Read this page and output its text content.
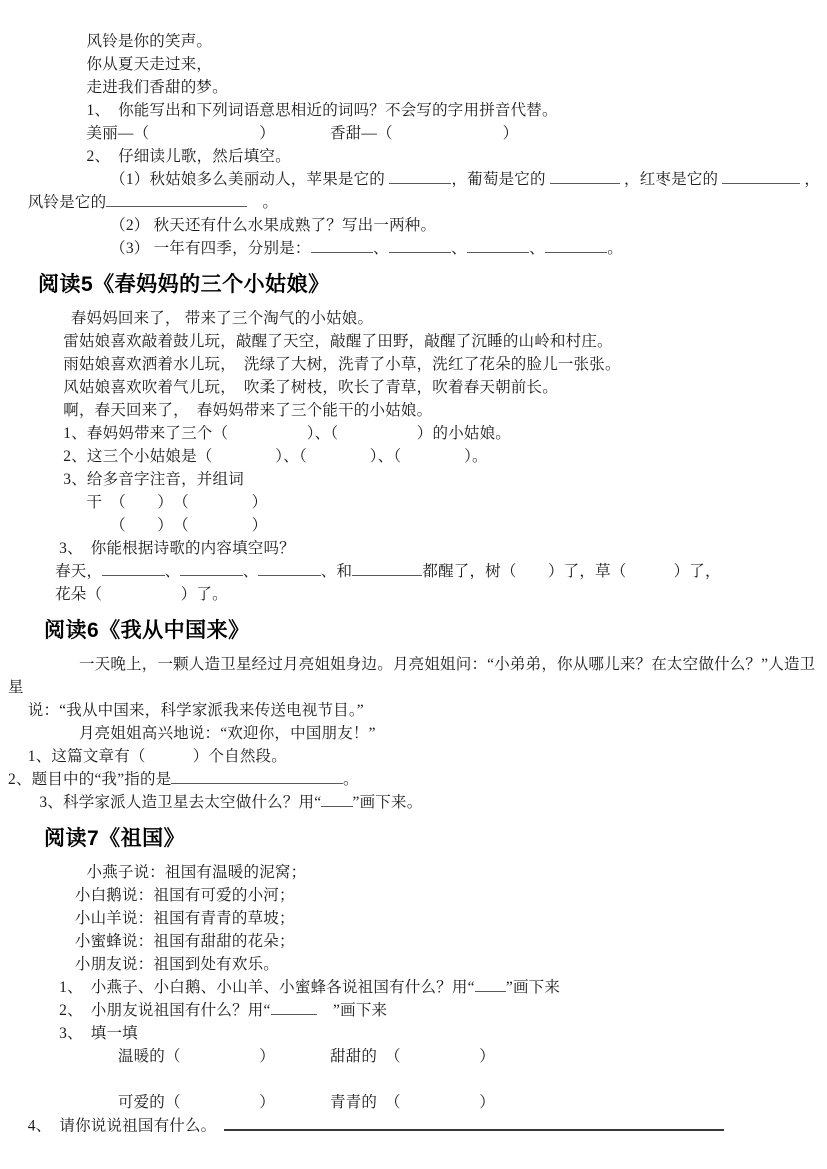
　　　　　风铃是你的笑声。
　　　　　你从夏天走过来，
　　　　　走进我们香甜的梦。
　　　　　1、　你能写出和下列词语意思相近的词吗？不会写的字用拼音代替。
　　　　　美丽—（　　　　　　　）　　　　香甜—（　　　　　　　）
　　　　　2、　仔细读儿歌，然后填空。
　　　　　　　（1）秋姑娘多么美丽动人，苹果是它的	，葡萄是它的	，红枣是它的	，
　 风铃是它的	　。
　　　　　　　（2） 秋天还有什么水果成熟了？写出一两种。
　　　　　　　（3） 一年有四季，分别是：	、	、	、	。
阅读5《春妈妈的三个小姑娘》
　　　　春妈妈回来了， 带来了三个淘气的小姑娘。
　　　  雷姑娘喜欢敲着鼓儿玩，敲醒了天空，敲醒了田野，敲醒了沉睡的山岭和村庄。
　　　  雨姑娘喜欢洒着水儿玩，　洗绿了大树，洗青了小草，洗红了花朵的脸儿一张张。
　　　  风姑娘喜欢吹着气儿玩，　吹柔了树枝，吹长了青草，吹着春天朝前长。
　　　  啊，春天回来了，　春妈妈带来了三个能干的小姑娘。
　　　  1、春妈妈带来了三个（　　　　　）、（　　　　　）的小姑娘。
　　　  2、这三个小姑娘是（　　　　）、（　　　　）、（　　　　）。
　　　  3、给多音字注音，并组词
　　　　　干　（　　）　（　　　　）
　　　　　　　（　　）　（　　　　）
　　　 3、　你能根据诗歌的内容填空吗？
　　　春天，	、	、	、和	都醒了，树（　　）了，草（　　　）了，
　　　花朵（　　　　　）了。
阅读6《我从中国来》
　　　　  一天晚上，一颗人造卫星经过月亮姐姐身边。月亮姐姐问：“小弟弟，你从哪儿来？在太空做什么？”人造卫星
　 说：“我从中国来，科学家派我来传送电视节目。”
　　　　  月亮姐姐高兴地说：“欢迎你，中国朋友！”
　 1、这篇文章有（　　　）个自然段。
2、题目中的“我”指的是	。
　　3、科学家派人造卫星去太空做什么？用“ ”画下来。
阅读7《祖国》
　　　　　小燕子说：祖国有温暖的泥窝；
　　　　 小白鹅说：祖国有可爱的小河；
　　　　 小山羊说：祖国有青青的草坡；
　　　　 小蜜蜂说：祖国有甜甜的花朵；
　　　　 小朋友说：祖国到处有欢乐。
　　　 1、　小燕子、小白鹅、小山羊、小蜜蜂各说祖国有什么？用“ ”画下来
　　　 2、　小朋友说祖国有什么？用“	　”画下来
　　　 3、　填一填
　　　　　　　温暖的（　　　　　）　　　　甜甜的　（　　　　　）

　　　　　　　可爱的（　　　　　）　　　　青青的　（　　　　　）
　 4、　请你说说祖国有什么。　
